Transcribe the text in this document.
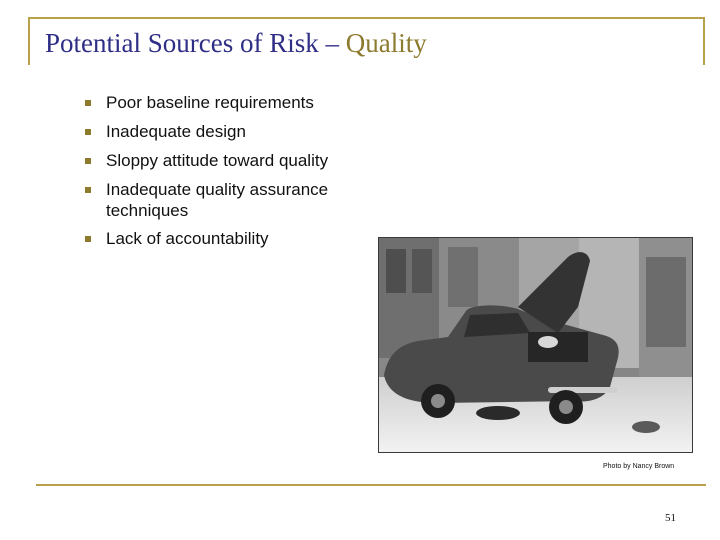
Potential Sources of Risk – Quality
Poor baseline requirements
Inadequate design
Sloppy attitude toward quality
Inadequate quality assurance techniques
Lack of accountability
Photo by Nancy Brown
51
